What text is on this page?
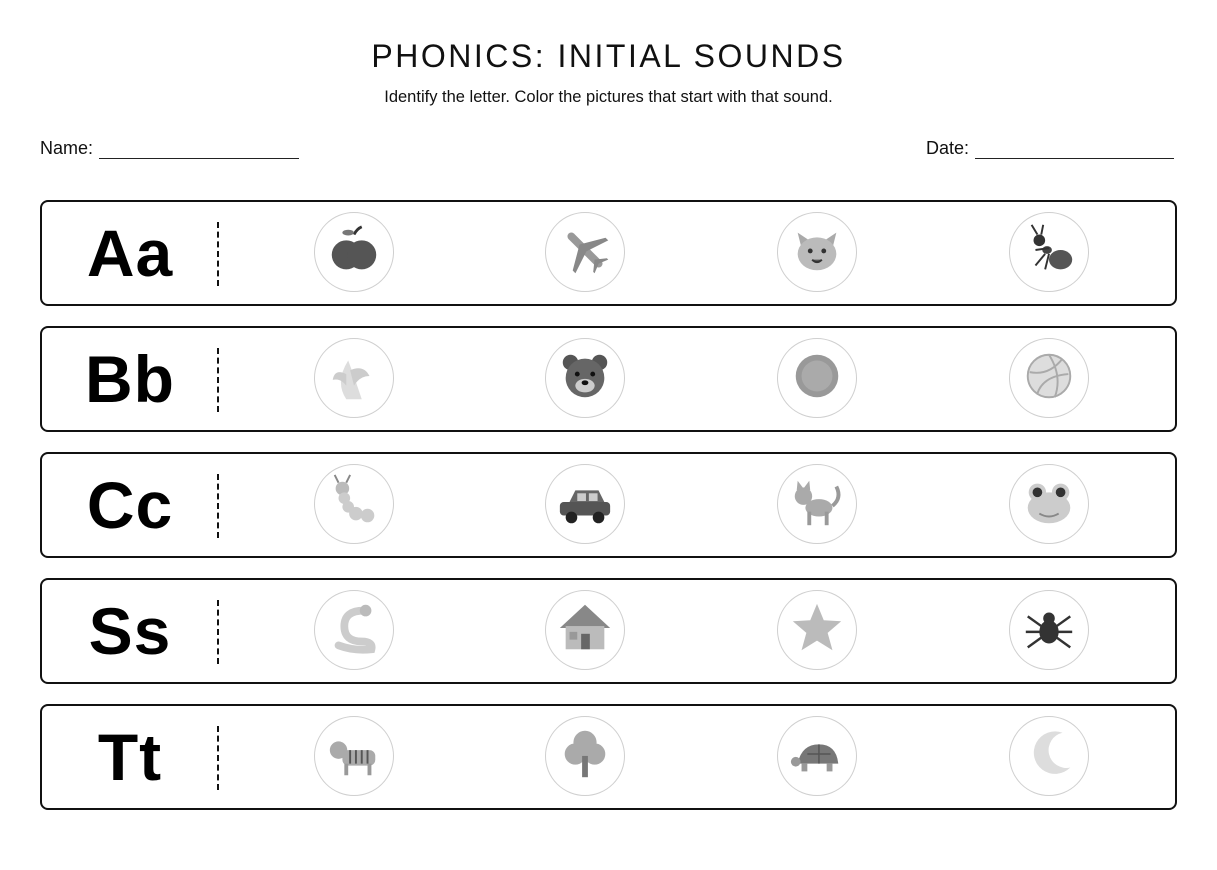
PHONICS: INITIAL SOUNDS
Identify the letter. Color the pictures that start with that sound.
Name:	Date:
Aa
Bb
Cc
Ss
Tt
